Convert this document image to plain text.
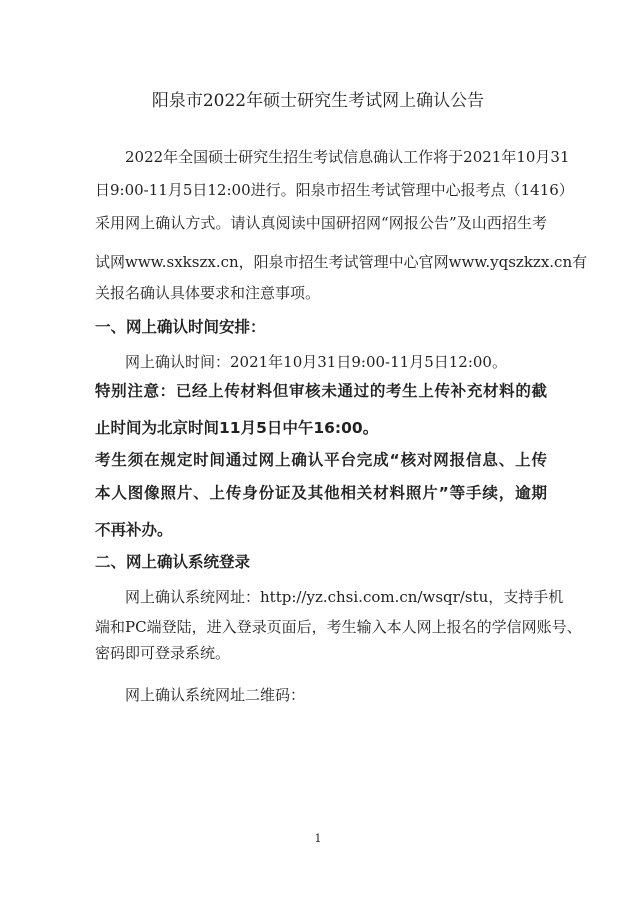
阳泉市2022年硕士研究生考试网上确认公告
2022年全国硕士研究生招生考试信息确认工作将于2021年10月31
日9:00-11月5日12:00进行。阳泉市招生考试管理中心报考点（1416）
采用网上确认方式。请认真阅读中国研招网“网报公告”及山西招生考
试网www.sxkszx.cn，阳泉市招生考试管理中心官网www.yqszkzx.cn有
关报名确认具体要求和注意事项。
一、网上确认时间安排：
网上确认时间：2021年10月31日9:00-11月5日12:00。
特别注意：已经上传材料但审核未通过的考生上传补充材料的截
止时间为北京时间11月5日中午16:00。
考生须在规定时间通过网上确认平台完成“核对网报信息、上传
本人图像照片、上传身份证及其他相关材料照片”等手续，逾期
不再补办。
二、网上确认系统登录
网上确认系统网址：http://yz.chsi.com.cn/wsqr/stu，支持手机
端和PC端登陆，进入登录页面后，考生输入本人网上报名的学信网账号、
密码即可登录系统。
网上确认系统网址二维码：
1
